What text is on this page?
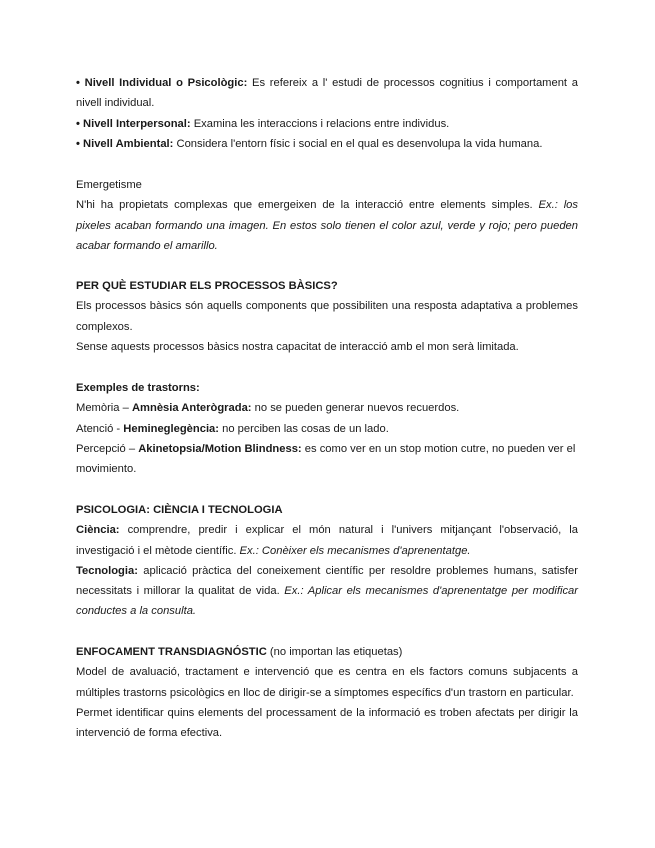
• Nivell Individual o Psicològic: Es refereix a l' estudi de processos cognitius i comportament a nivell individual.

• Nivell Interpersonal: Examina les interaccions i relacions entre individus.

• Nivell Ambiental: Considera l'entorn físic i social en el qual es desenvolupa la vida humana.

Emergetisme

N'hi ha propietats complexas que emergeixen de la interacció entre elements simples. Ex.: los pixeles acaban formando una imagen. En estos solo tienen el color azul, verde y rojo; pero pueden acabar formando el amarillo.

PER QUÈ ESTUDIAR ELS PROCESSOS BÀSICS?

Els processos bàsics són aquells components que possibiliten una resposta adaptativa a problemes complexos.

Sense aquests processos bàsics nostra capacitat de interacció amb el mon serà limitada.

Exemples de trastorns:

Memòria – Amnèsia Anterògrada: no se pueden generar nuevos recuerdos.

Atenció - Hemineglegència: no perciben las cosas de un lado.

Percepció – Akinetopsia/Motion Blindness: es como ver en un stop motion cutre, no pueden ver el movimiento.

PSICOLOGIA: CIÈNCIA I TECNOLOGIA

Ciència: comprendre, predir i explicar el món natural i l'univers mitjançant l'observació, la investigació i el mètode científic. Ex.: Conèixer els mecanismes d'aprenentatge.

Tecnologia: aplicació pràctica del coneixement científic per resoldre problemes humans, satisfer necessitats i millorar la qualitat de vida. Ex.: Aplicar els mecanismes d'aprenentatge per modificar conductes a la consulta.

ENFOCAMENT TRANSDIAGNÓSTIC (no importan las etiquetas)

Model de avaluació, tractament e intervenció que es centra en els factors comuns subjacents a múltiples trastorns psicològics en lloc de dirigir-se a símptomes específics d'un trastorn en particular.

Permet identificar quins elements del processament de la informació es troben afectats per dirigir la intervenció de forma efectiva.
